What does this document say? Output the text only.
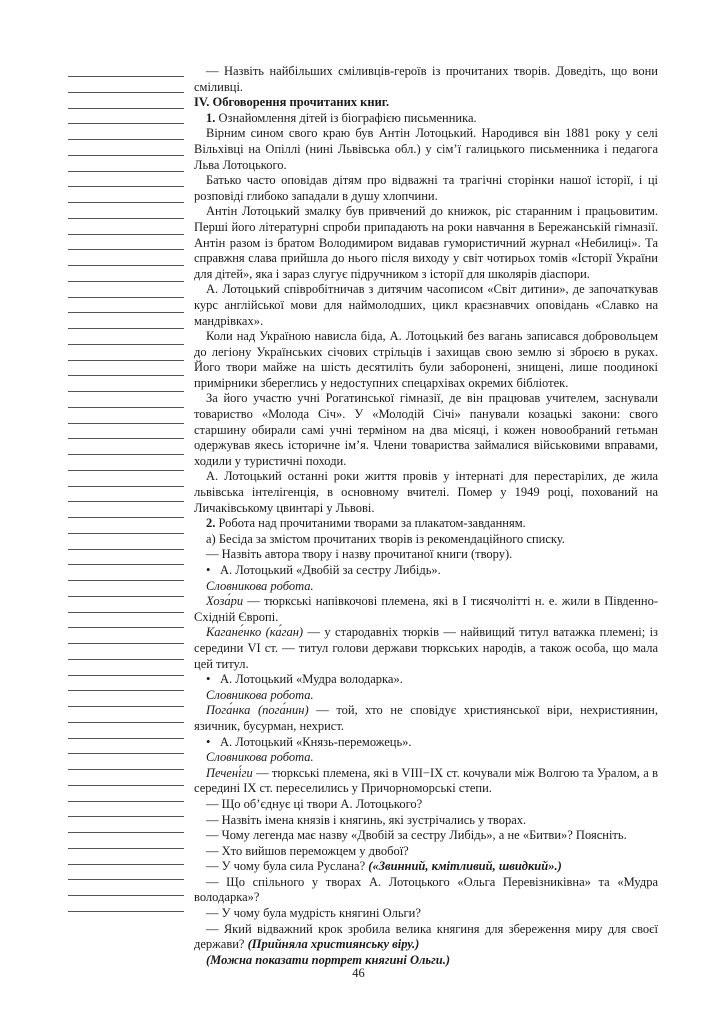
— Назвіть найбільших сміливців-героїв із прочитаних творів. Доведіть, що вони сміливці.

IV. Обговорення прочитаних книг.

1. Ознайомлення дітей із біографією письменника.

Вірним сином свого краю був Антін Лотоцький. Народився він 1881 року у селі Вільхівці на Опіллі (нині Львівська обл.) у сім’ї галицького письменника і педагога Льва Лотоцького.

Батько часто оповідав дітям про відважні та трагічні сторінки нашої історії, і ці розповіді глибоко западали в душу хлопчини.

Антін Лотоцький змалку був привчений до книжок, ріс старанним і працьовитим. Перші його літературні спроби припадають на роки навчання в Бережанській гімназії. Антін разом із братом Володимиром видавав гумористичний журнал «Небилиці». Та справжня слава прийшла до нього після виходу у світ чотирьох томів «Історії України для дітей», яка і зараз слугує підручником з історії для школярів діаспори.

А. Лотоцький співробітничав з дитячим часописом «Світ дитини», де започаткував курс англійської мови для наймолодших, цикл краєзнавчих оповідань «Славко на мандрівках».

Коли над Україною нависла біда, А. Лотоцький без вагань записався добровольцем до легіону Українських січових стрільців і захищав свою землю зі зброєю в руках. Його твори майже на шість десятиліть були заборонені, знищені, лише поодинокі примірники збереглись у недоступних спецархівах окремих бібліотек.

За його участю учні Рогатинської гімназії, де він працював учителем, заснували товариство «Молода Січ». У «Молодій Січі» панували козацькі закони: свого старшину обирали самі учні терміном на два місяці, і кожен новообраний гетьман одержував якесь історичне ім’я. Члени товариства займалися військовими вправами, ходили у туристичні походи.

А. Лотоцький останні роки життя провів у інтернаті для перестарілих, де жила львівська інтелігенція, в основному вчителі. Помер у 1949 році, похований на Личаківському цвинтарі у Львові.

2. Робота над прочитаними творами за плакатом-завданням.

а) Бесіда за змістом прочитаних творів із рекомендаційного списку.

— Назвіть автора твору і назву прочитаної книги (твору).

• А. Лотоцький «Двобій за сестру Либідь».

Словникова робота.

Хоза́ри — тюркські напівкочові племена, які в І тисячолітті н. е. жили в Південно-Східній Європі.

Кагане́нко (ка́ган) — у стародавніх тюрків — найвищий титул ватажка племені; із середини VI ст. — титул голови держави тюркських народів, а також особа, що мала цей титул.

• А. Лотоцький «Мудра володарка».

Словникова робота.

Пога́нка (пога́нин) — той, хто не сповідує християнської віри, нехристиянин, язичник, бусурман, нехрист.

• А. Лотоцький «Князь-переможець».

Словникова робота.

Печені́ги — тюркські племена, які в VIII−IX ст. кочували між Волгою та Уралом, а в середині IX ст. переселились у Причорноморські степи.

— Що об’єднує ці твори А. Лотоцького?

— Назвіть імена князів і княгинь, які зустрічались у творах.

— Чому легенда має назву «Двобій за сестру Либідь», а не «Битви»? Поясніть.

— Хто вийшов переможцем у двобої?

— У чому була сила Руслана? («Звинний, кмітливий, швидкий».)

— Що спільного у творах А. Лотоцького «Ольга Перевізниківна» та «Мудра володарка»?

— У чому була мудрість княгині Ольги?

— Який відважний крок зробила велика княгиня для збереження миру для своєї держави? (Прийняла християнську віру.)

(Можна показати портрет княгині Ольги.)

46
